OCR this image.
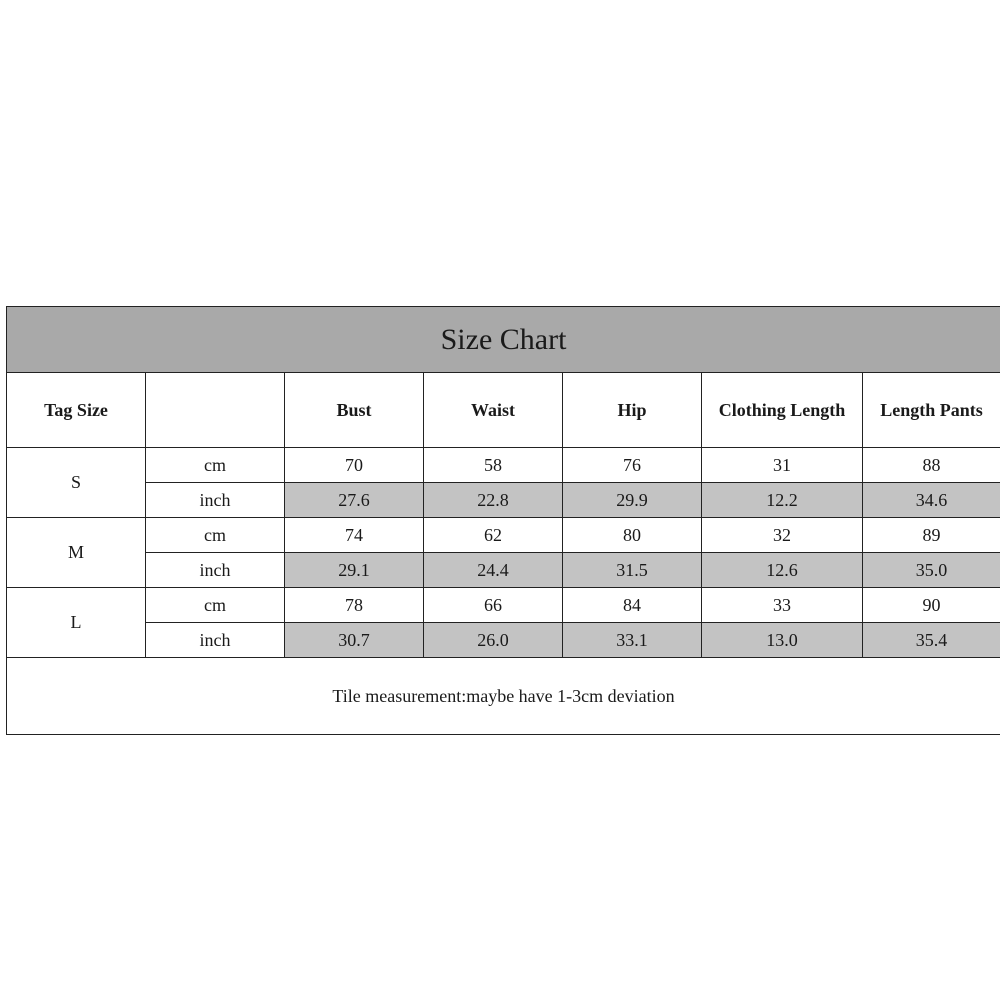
Size Chart						
Tag Size		Bust	Waist	Hip	Clothing Length	Length Pants
S	cm	70	58	76	31	88
	inch	27.6	22.8	29.9	12.2	34.6
M	cm	74	62	80	32	89
	inch	29.1	24.4	31.5	12.6	35.0
L	cm	78	66	84	33	90
	inch	30.7	26.0	33.1	13.0	35.4
Tile measurement:maybe have 1-3cm deviation						
